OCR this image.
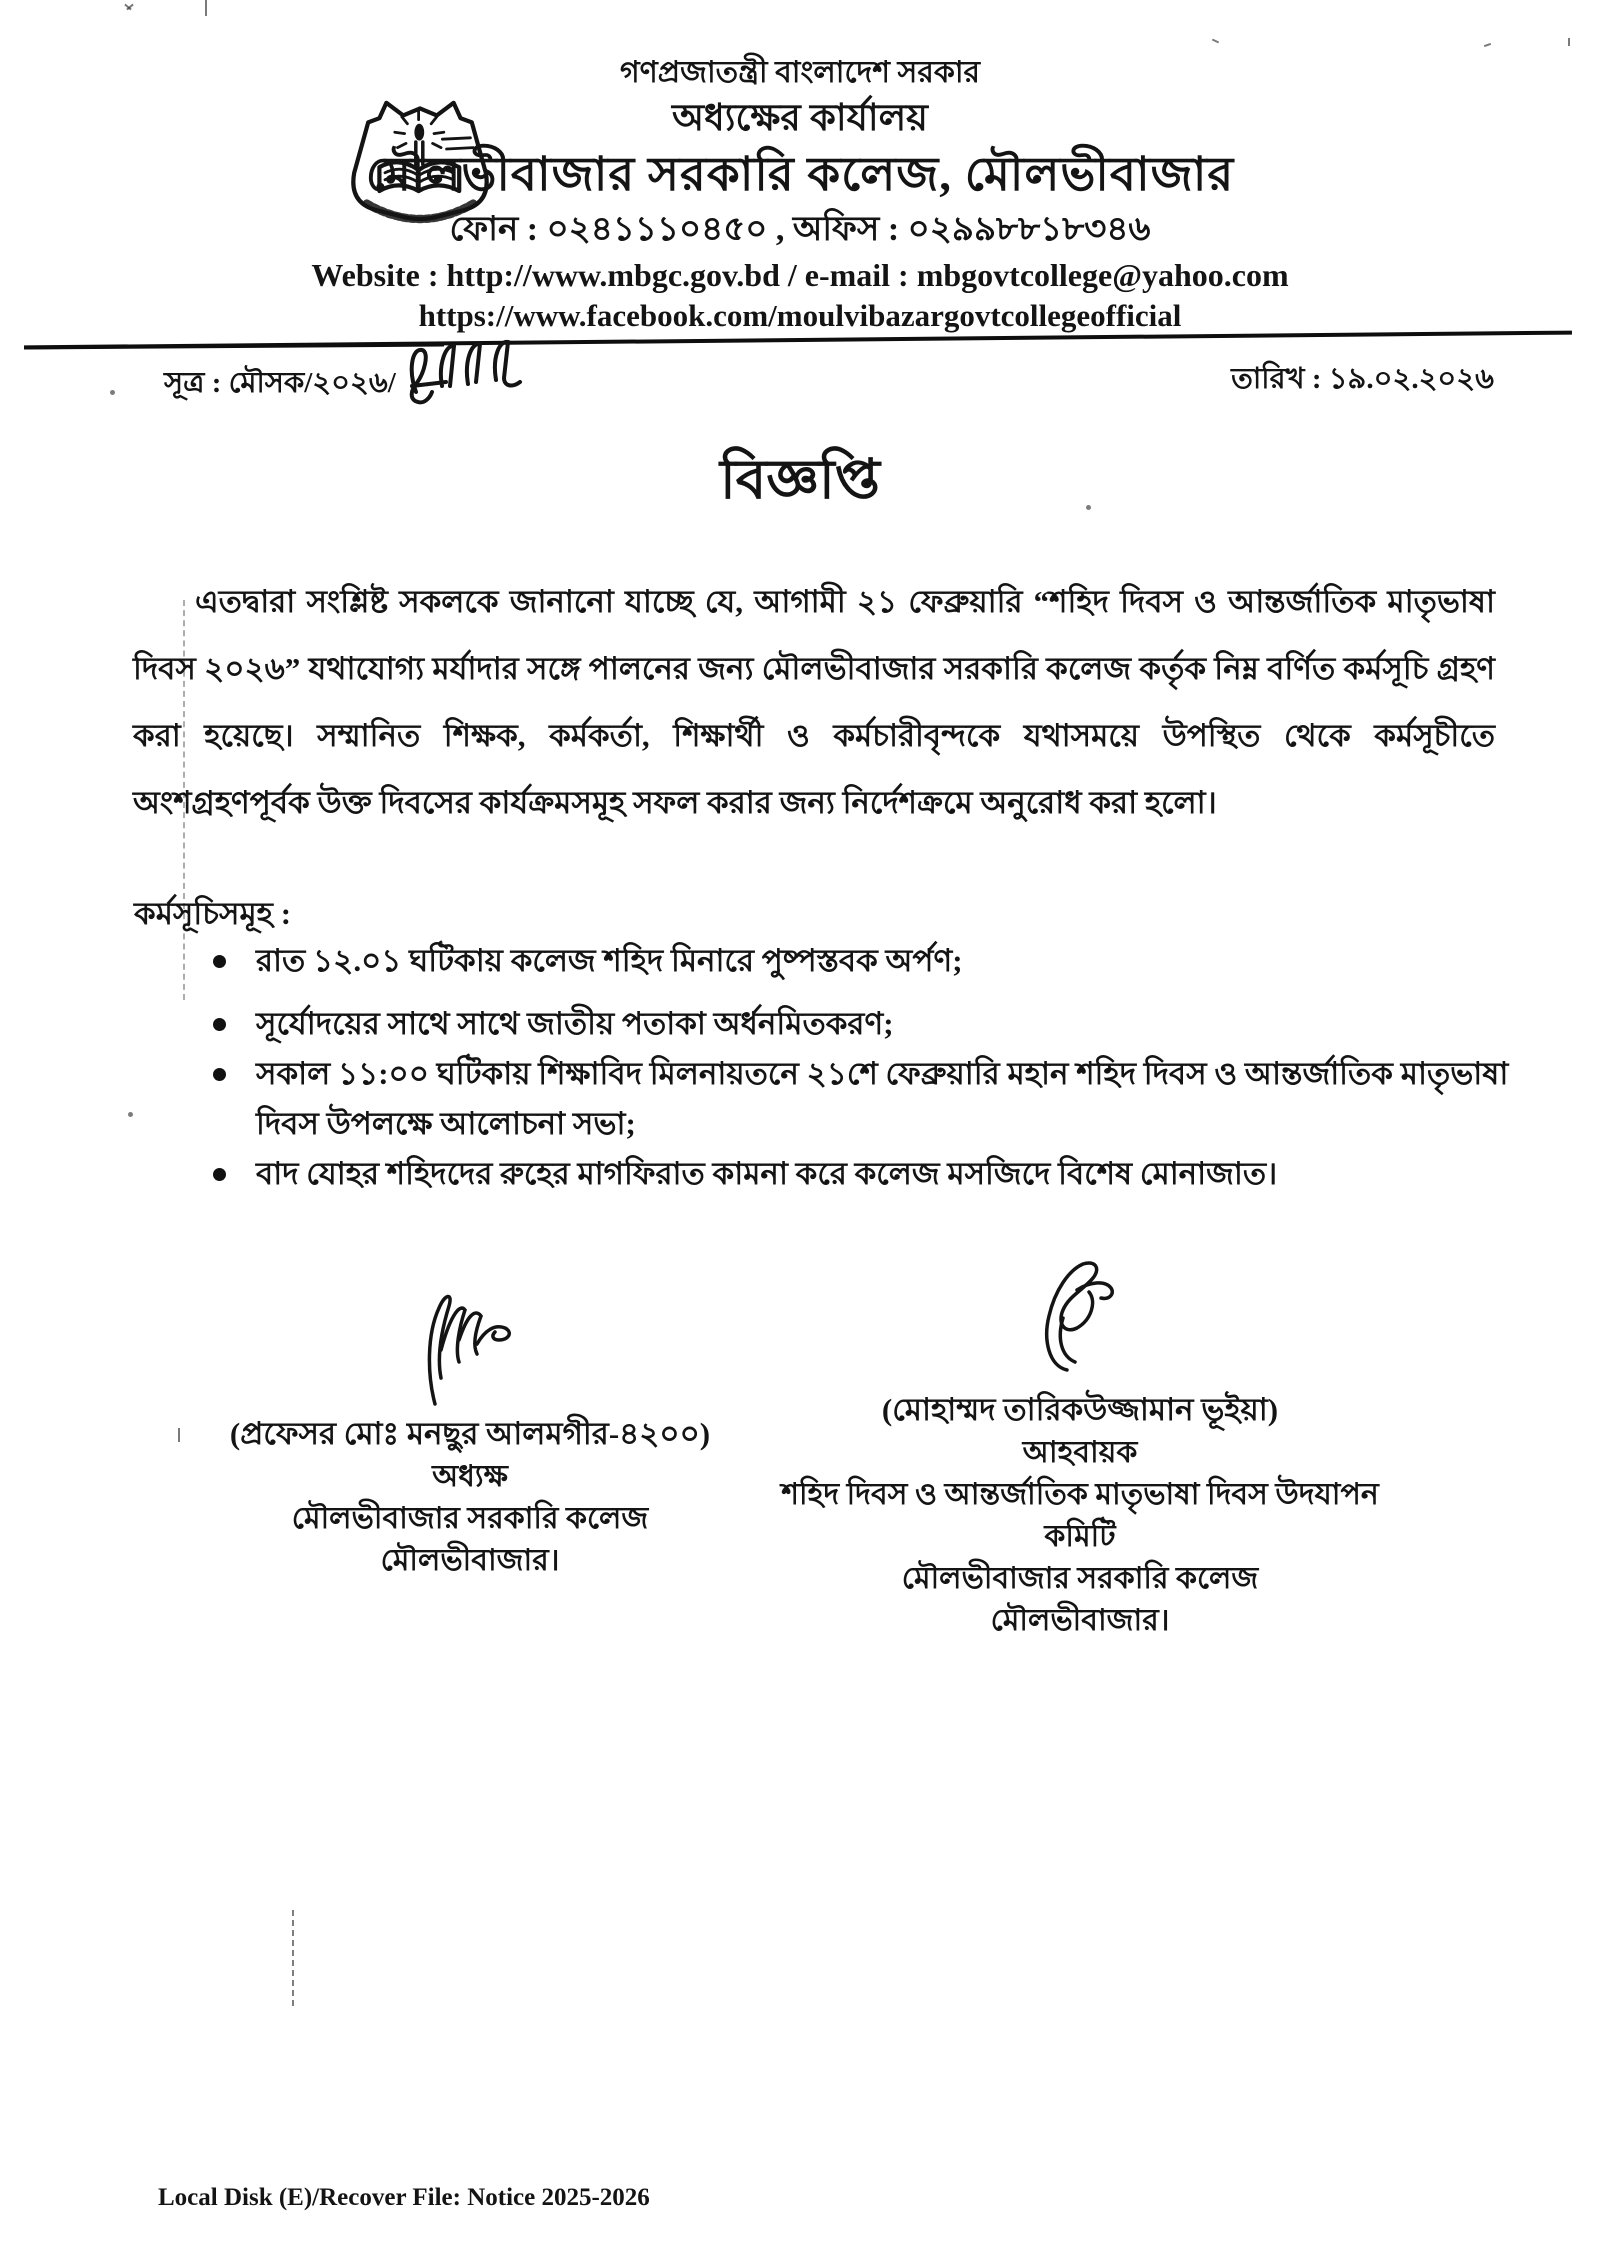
গণপ্রজাতন্ত্রী বাংলাদেশ সরকার
অধ্যক্ষের কার্যালয়
মৌলভীবাজার সরকারি কলেজ, মৌলভীবাজার
ফোন : ০২৪১১১০৪৫০ , অফিস : ০২৯৯৮৮১৮৩৪৬
Website : http://www.mbgc.gov.bd / e-mail : mbgovtcollege@yahoo.com
https://www.facebook.com/moulvibazargovtcollegeofficial
সূত্র : মৌসক/২০২৬/	তারিখ : ১৯.০২.২০২৬
বিজ্ঞপ্তি
এতদ্বারা সংশ্লিষ্ট সকলকে জানানো যাচ্ছে যে, আগামী ২১ ফেব্রুয়ারি “শহিদ দিবস ও আন্তর্জাতিক মাতৃভাষা দিবস ২০২৬” যথাযোগ্য মর্যাদার সঙ্গে পালনের জন্য মৌলভীবাজার সরকারি কলেজ কর্তৃক নিম্ন বর্ণিত কর্মসূচি গ্রহণ করা হয়েছে। সম্মানিত শিক্ষক, কর্মকর্তা, শিক্ষার্থী ও কর্মচারীবৃন্দকে যথাসময়ে উপস্থিত থেকে কর্মসূচীতে অংশগ্রহণপূর্বক উক্ত দিবসের কার্যক্রমসমূহ সফল করার জন্য নির্দেশক্রমে অনুরোধ করা হলো।
কর্মসূচিসমূহ :
রাত ১২.০১ ঘটিকায় কলেজ শহিদ মিনারে পুষ্পস্তবক অর্পণ;
সূর্যোদয়ের সাথে সাথে জাতীয় পতাকা অর্ধনমিতকরণ;
সকাল ১১:০০ ঘটিকায় শিক্ষাবিদ মিলনায়তনে ২১শে ফেব্রুয়ারি মহান শহিদ দিবস ও আন্তর্জাতিক মাতৃভাষা দিবস উপলক্ষে আলোচনা সভা;
বাদ যোহর শহিদদের রুহের মাগফিরাত কামনা করে কলেজ মসজিদে বিশেষ মোনাজাত।
(প্রফেসর মোঃ মনছুর আলমগীর-৪২০০)
অধ্যক্ষ
মৌলভীবাজার সরকারি কলেজ
মৌলভীবাজার।
(মোহাম্মদ তারিকউজ্জামান ভূইয়া)
আহবায়ক
শহিদ দিবস ও আন্তর্জাতিক মাতৃভাষা দিবস উদযাপন কমিটি
মৌলভীবাজার সরকারি কলেজ
মৌলভীবাজার।
Local Disk (E)/Recover File: Notice 2025-2026
